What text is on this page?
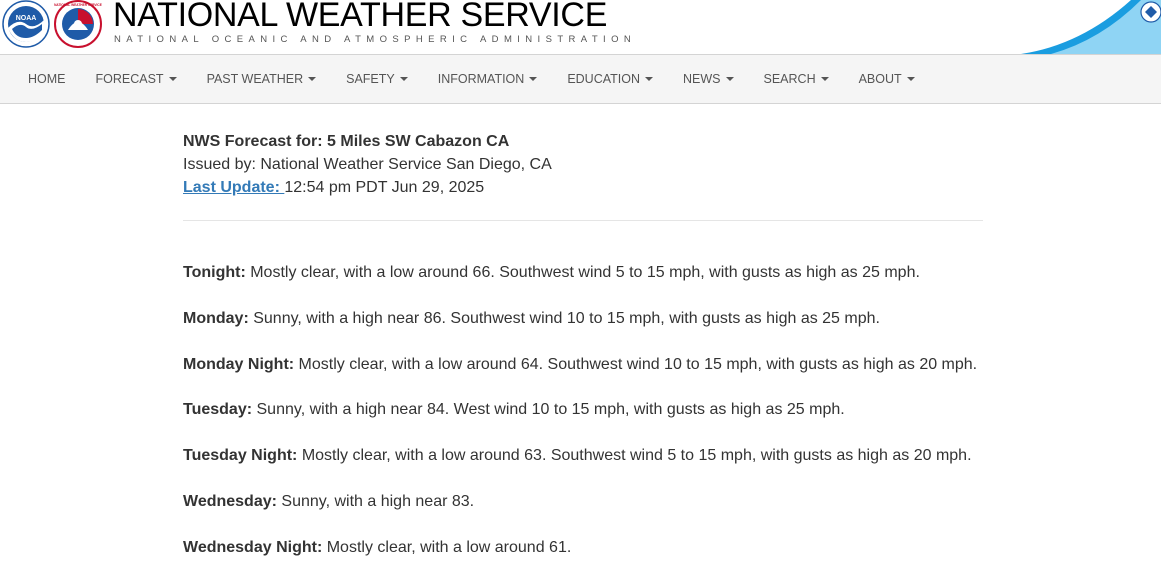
NOAA
NATIONAL WEATHER SERVICE NATIONAL WEATHER SERVICE
NATIONAL OCEANIC AND ATMOSPHERIC ADMINISTRATION
HOME FORECAST	PAST WEATHER	SAFETY	INFORMATION	EDUCATION	NEWS	SEARCH	ABOUT
NWS Forecast for: 5 Miles SW Cabazon CA
Issued by: National Weather Service San Diego, CA
Last Update: 12:54 pm PDT Jun 29, 2025
Tonight: Mostly clear, with a low around 66. Southwest wind 5 to 15 mph, with gusts as high as 25 mph.
Monday: Sunny, with a high near 86. Southwest wind 10 to 15 mph, with gusts as high as 25 mph.
Monday Night: Mostly clear, with a low around 64. Southwest wind 10 to 15 mph, with gusts as high as 20 mph.
Tuesday: Sunny, with a high near 84. West wind 10 to 15 mph, with gusts as high as 25 mph.
Tuesday Night: Mostly clear, with a low around 63. Southwest wind 5 to 15 mph, with gusts as high as 20 mph.
Wednesday: Sunny, with a high near 83.
Wednesday Night: Mostly clear, with a low around 61.
